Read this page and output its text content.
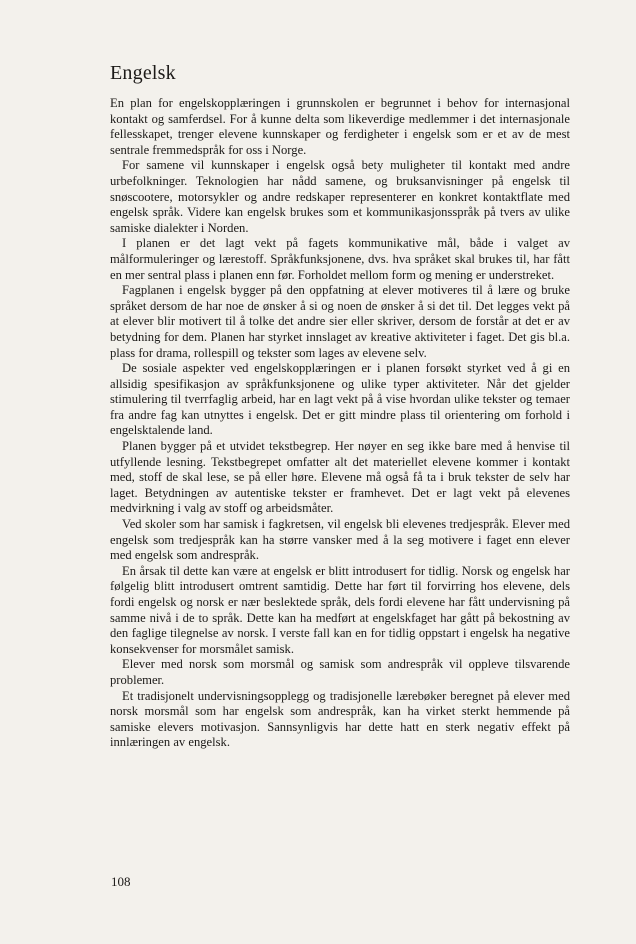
Engelsk

En plan for engelskopplæringen i grunnskolen er begrunnet i behov for internasjonal kontakt og samferdsel. For å kunne delta som likeverdige medlemmer i det internasjonale fellesskapet, trenger elevene kunnskaper og ferdigheter i engelsk som er et av de mest sentrale fremmedspråk for oss i Norge.

For samene vil kunnskaper i engelsk også bety muligheter til kontakt med andre urbefolkninger. Teknologien har nådd samene, og bruksanvisninger på engelsk til snøscootere, motorsykler og andre redskaper representerer en konkret kontaktflate med engelsk språk. Videre kan engelsk brukes som et kommunikasjonsspråk på tvers av ulike samiske dialekter i Norden.

I planen er det lagt vekt på fagets kommunikative mål, både i valget av målformuleringer og lærestoff. Språkfunksjonene, dvs. hva språket skal brukes til, har fått en mer sentral plass i planen enn før. Forholdet mellom form og mening er understreket.

Fagplanen i engelsk bygger på den oppfatning at elever motiveres til å lære og bruke språket dersom de har noe de ønsker å si og noen de ønsker å si det til. Det legges vekt på at elever blir motivert til å tolke det andre sier eller skriver, dersom de forstår at det er av betydning for dem. Planen har styrket innslaget av kreative aktiviteter i faget. Det gis bl.a. plass for drama, rollespill og tekster som lages av elevene selv.

De sosiale aspekter ved engelskopplæringen er i planen forsøkt styrket ved å gi en allsidig spesifikasjon av språkfunksjonene og ulike typer aktiviteter. Når det gjelder stimulering til tverrfaglig arbeid, har en lagt vekt på å vise hvordan ulike tekster og temaer fra andre fag kan utnyttes i engelsk. Det er gitt mindre plass til orientering om forhold i engelsktalende land.

Planen bygger på et utvidet tekstbegrep. Her nøyer en seg ikke bare med å henvise til utfyllende lesning. Tekstbegrepet omfatter alt det materiellet elevene kommer i kontakt med, stoff de skal lese, se på eller høre. Elevene må også få ta i bruk tekster de selv har laget. Betydningen av autentiske tekster er framhevet. Det er lagt vekt på elevenes medvirkning i valg av stoff og arbeidsmåter.

Ved skoler som har samisk i fagkretsen, vil engelsk bli elevenes tredjespråk. Elever med engelsk som tredjespråk kan ha større vansker med å la seg motivere i faget enn elever med engelsk som andrespråk.

En årsak til dette kan være at engelsk er blitt introdusert for tidlig. Norsk og engelsk har følgelig blitt introdusert omtrent samtidig. Dette har ført til forvirring hos elevene, dels fordi engelsk og norsk er nær beslektede språk, dels fordi elevene har fått undervisning på samme nivå i de to språk. Dette kan ha medført at engelskfaget har gått på bekostning av den faglige tilegnelse av norsk. I verste fall kan en for tidlig oppstart i engelsk ha negative konsekvenser for morsmålet samisk.

Elever med norsk som morsmål og samisk som andrespråk vil oppleve tilsvarende problemer.

Et tradisjonelt undervisningsopplegg og tradisjonelle lærebøker beregnet på elever med norsk morsmål som har engelsk som andrespråk, kan ha virket sterkt hemmende på samiske elevers motivasjon. Sannsynligvis har dette hatt en sterk negativ effekt på innlæringen av engelsk.

108
